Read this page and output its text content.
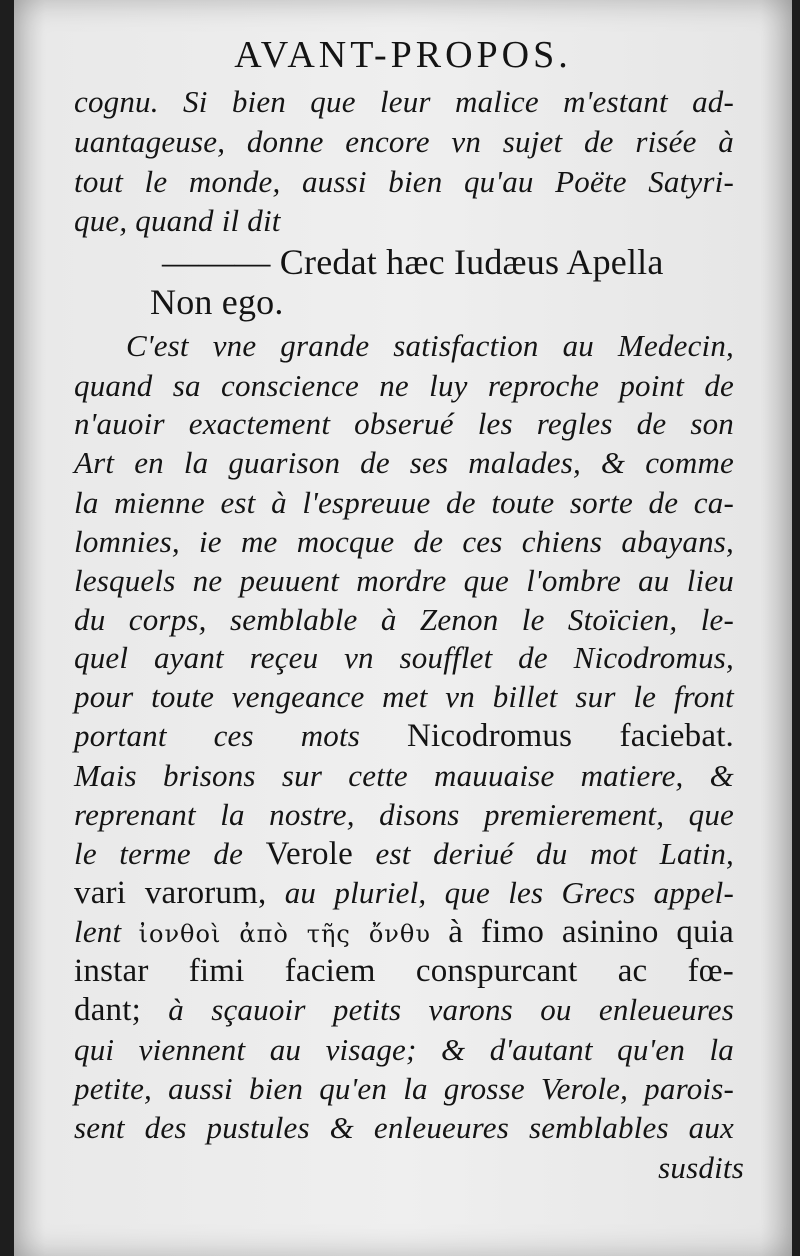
AVANT-PROPOS.
cognu. Si bien que leur malice m'estant ad-
uantageuse, donne encore vn sujet de risée à
tout le monde, aussi bien qu'au Poëte Satyri-
que, quand il dit
——— Credat hæc Iudæus Apella
Non ego.
C'est vne grande satisfaction au Medecin,
quand sa conscience ne luy reproche point de
n'auoir exactement obserué les regles de son
Art en la guarison de ses malades, & comme
la mienne est à l'espreuue de toute sorte de ca-
lomnies, ie me mocque de ces chiens abayans,
lesquels ne peuuent mordre que l'ombre au lieu
du corps, semblable à Zenon le Stoïcien, le-
quel ayant reçeu vn soufflet de Nicodromus,
pour toute vengeance met vn billet sur le front
portant ces mots Nicodromus faciebat.
Mais brisons sur cette mauuaise matiere, &
reprenant la nostre, disons premierement, que
le terme de Verole est deriué du mot Latin,
vari varorum, au pluriel, que les Grecs appel-
lent ἰονθοὶ ἀπὸ τῆς ὄνθυ à fimo asinino quia
instar fimi faciem conspurcant ac fœ-
dant; à sçauoir petits varons ou enleueures
qui viennent au visage; & d'autant qu'en la
petite, aussi bien qu'en la grosse Verole, parois-
sent des pustules & enleueures semblables aux
susdits
